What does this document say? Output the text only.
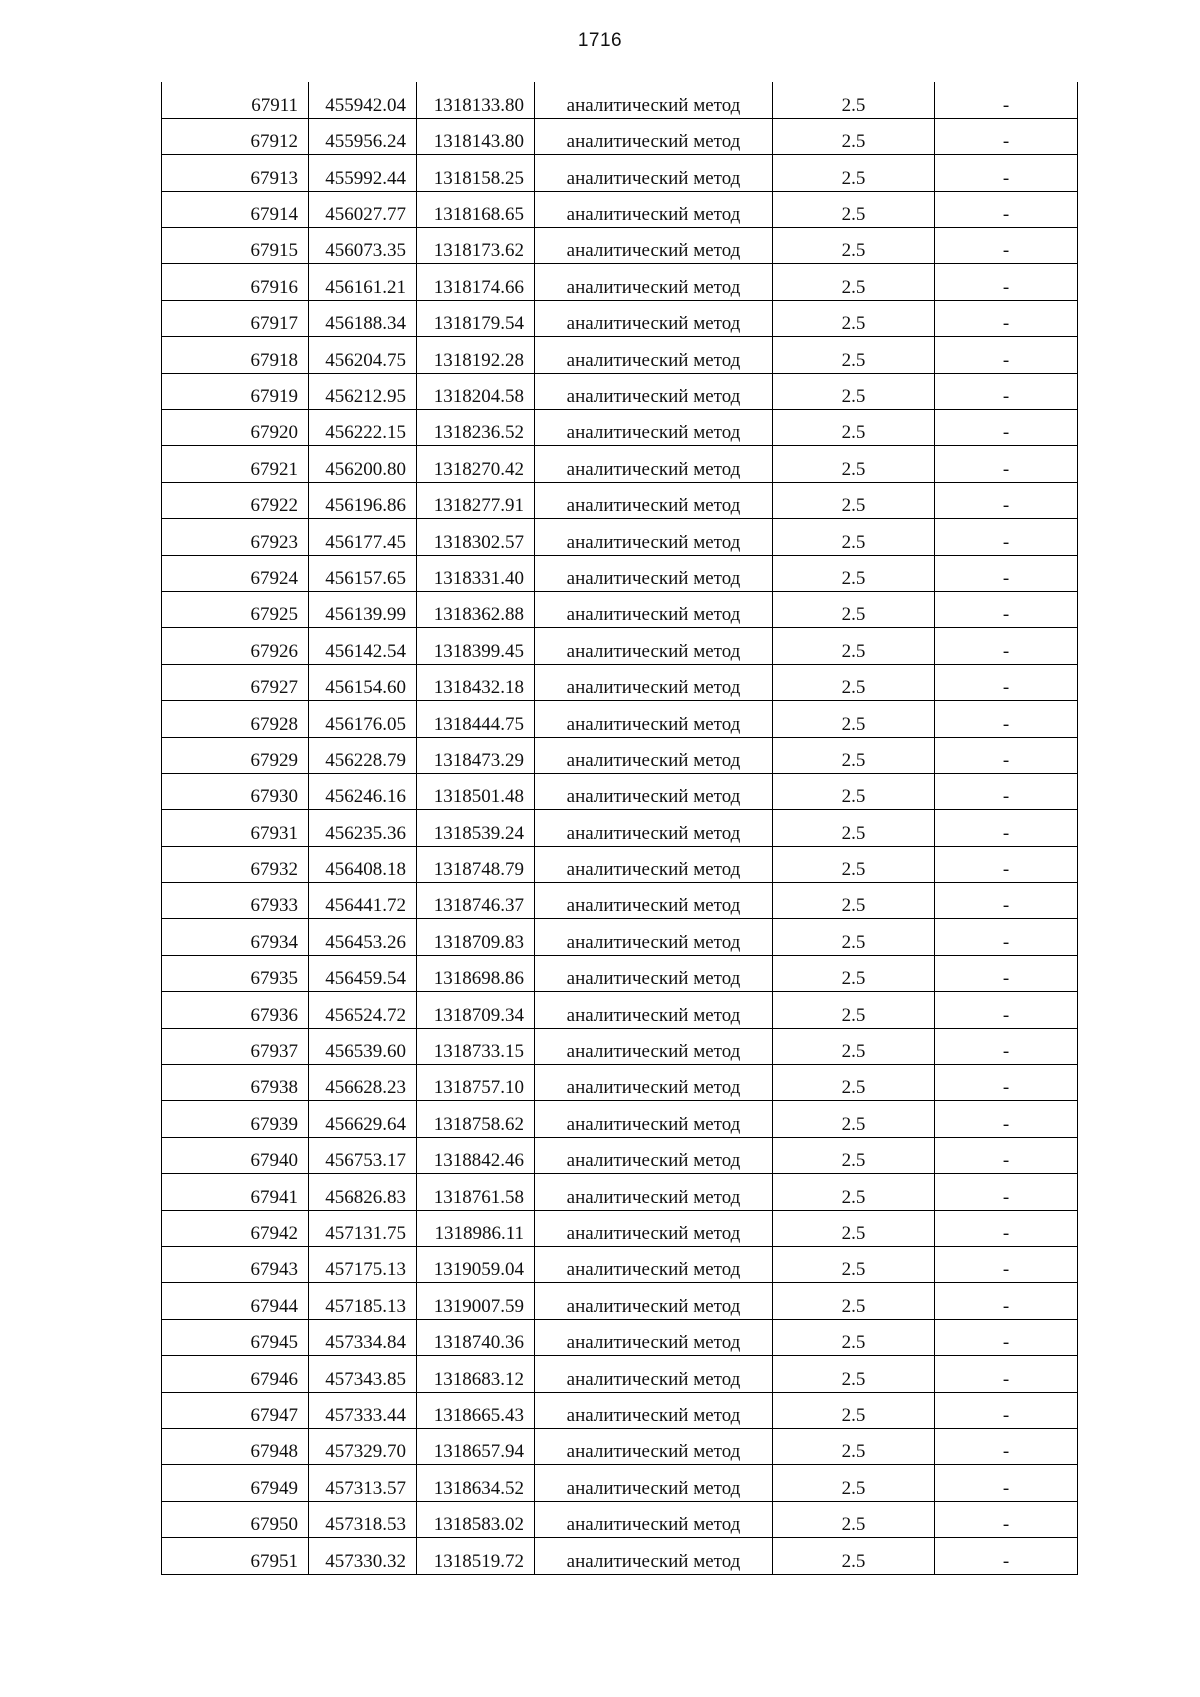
1716
67911	455942.04	1318133.80	аналитический метод	2.5	-
67912	455956.24	1318143.80	аналитический метод	2.5	-
67913	455992.44	1318158.25	аналитический метод	2.5	-
67914	456027.77	1318168.65	аналитический метод	2.5	-
67915	456073.35	1318173.62	аналитический метод	2.5	-
67916	456161.21	1318174.66	аналитический метод	2.5	-
67917	456188.34	1318179.54	аналитический метод	2.5	-
67918	456204.75	1318192.28	аналитический метод	2.5	-
67919	456212.95	1318204.58	аналитический метод	2.5	-
67920	456222.15	1318236.52	аналитический метод	2.5	-
67921	456200.80	1318270.42	аналитический метод	2.5	-
67922	456196.86	1318277.91	аналитический метод	2.5	-
67923	456177.45	1318302.57	аналитический метод	2.5	-
67924	456157.65	1318331.40	аналитический метод	2.5	-
67925	456139.99	1318362.88	аналитический метод	2.5	-
67926	456142.54	1318399.45	аналитический метод	2.5	-
67927	456154.60	1318432.18	аналитический метод	2.5	-
67928	456176.05	1318444.75	аналитический метод	2.5	-
67929	456228.79	1318473.29	аналитический метод	2.5	-
67930	456246.16	1318501.48	аналитический метод	2.5	-
67931	456235.36	1318539.24	аналитический метод	2.5	-
67932	456408.18	1318748.79	аналитический метод	2.5	-
67933	456441.72	1318746.37	аналитический метод	2.5	-
67934	456453.26	1318709.83	аналитический метод	2.5	-
67935	456459.54	1318698.86	аналитический метод	2.5	-
67936	456524.72	1318709.34	аналитический метод	2.5	-
67937	456539.60	1318733.15	аналитический метод	2.5	-
67938	456628.23	1318757.10	аналитический метод	2.5	-
67939	456629.64	1318758.62	аналитический метод	2.5	-
67940	456753.17	1318842.46	аналитический метод	2.5	-
67941	456826.83	1318761.58	аналитический метод	2.5	-
67942	457131.75	1318986.11	аналитический метод	2.5	-
67943	457175.13	1319059.04	аналитический метод	2.5	-
67944	457185.13	1319007.59	аналитический метод	2.5	-
67945	457334.84	1318740.36	аналитический метод	2.5	-
67946	457343.85	1318683.12	аналитический метод	2.5	-
67947	457333.44	1318665.43	аналитический метод	2.5	-
67948	457329.70	1318657.94	аналитический метод	2.5	-
67949	457313.57	1318634.52	аналитический метод	2.5	-
67950	457318.53	1318583.02	аналитический метод	2.5	-
67951	457330.32	1318519.72	аналитический метод	2.5	-
